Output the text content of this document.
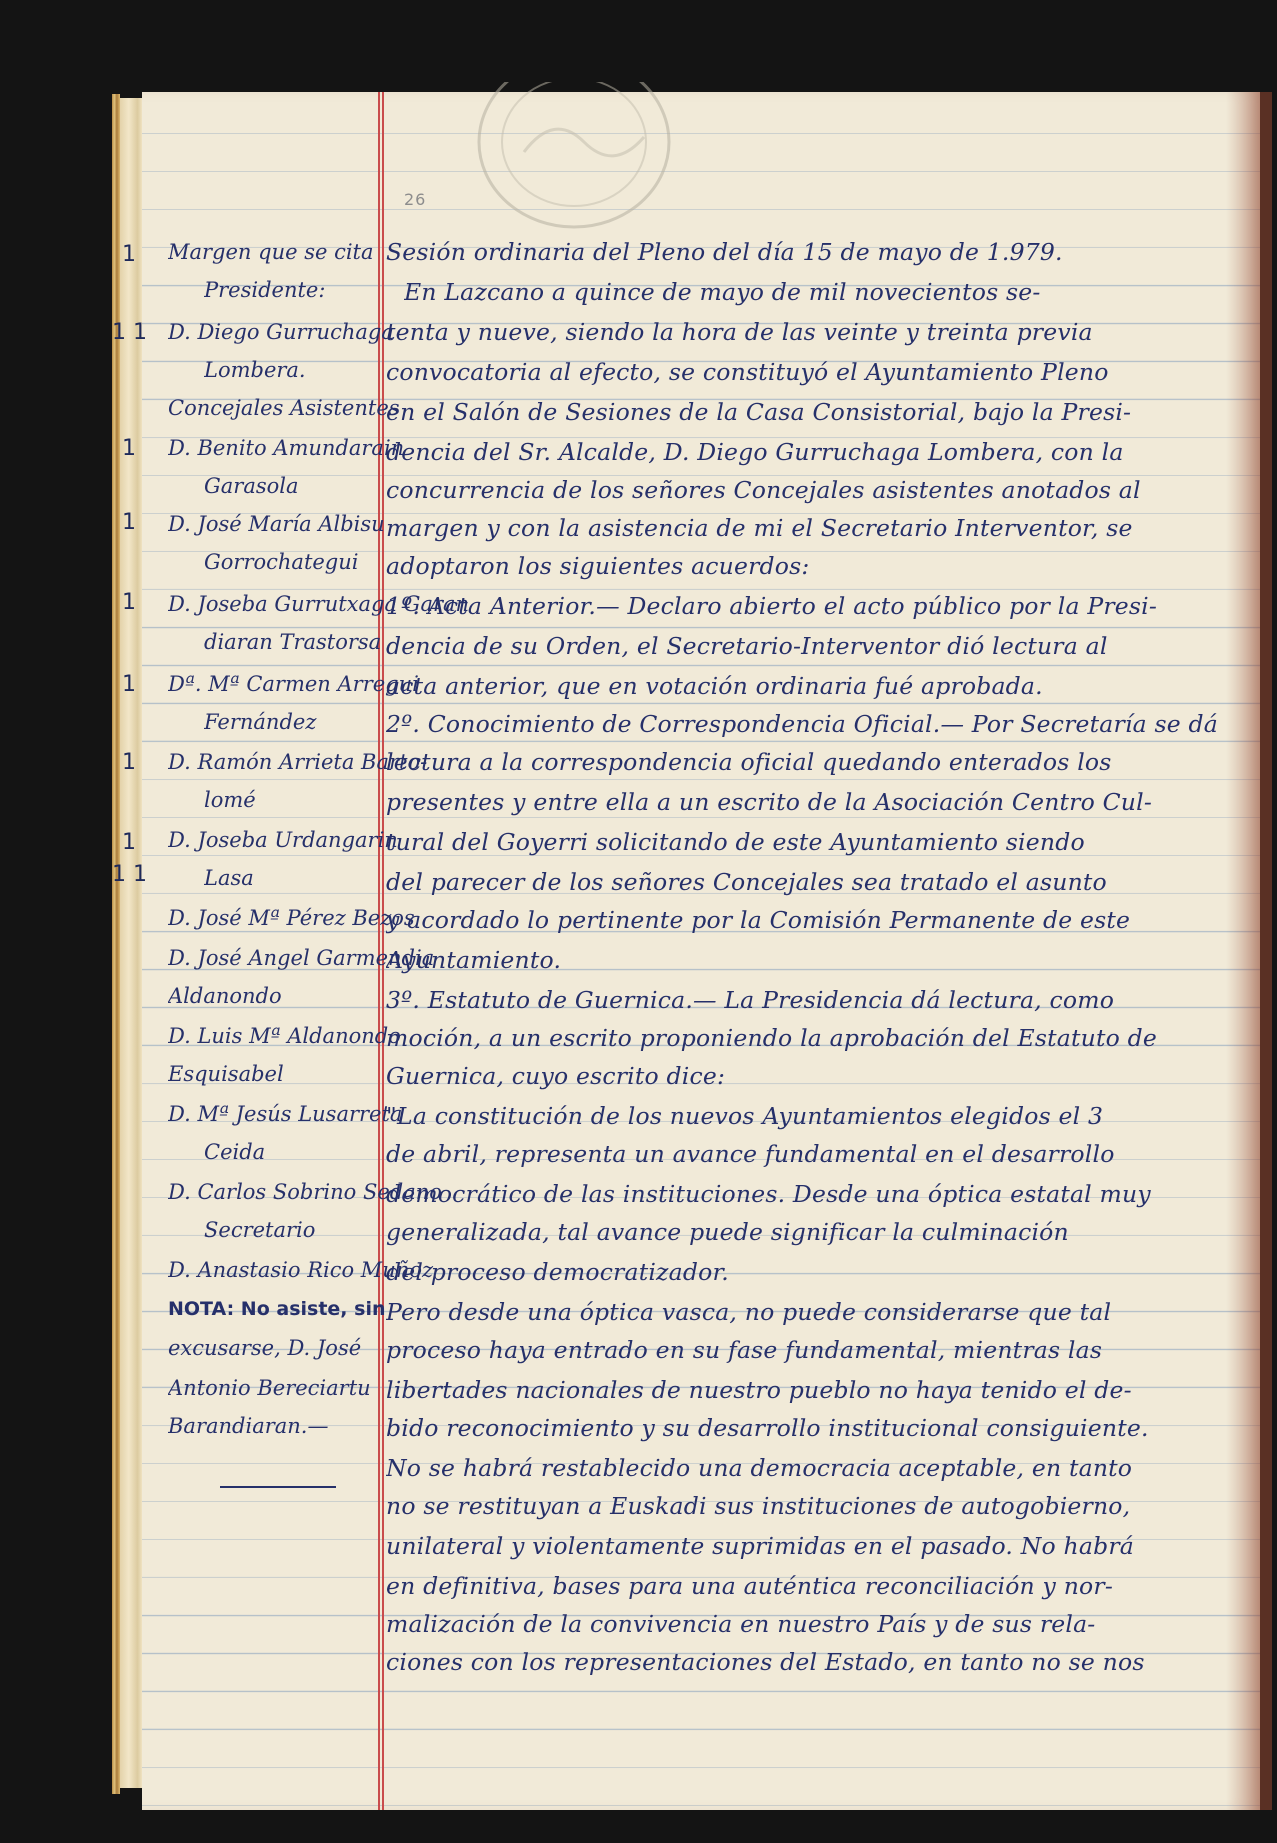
26
1
1 1
1
1
1
1
1
1
1 1
Margen que se cita
Presidente:
D. Diego Gurruchaga
Lombera.
Concejales Asistentes
D. Benito Amundarain
Garasola
D. José María Albisu
Gorrochategui
D. Joseba Gurrutxaga Garan
diaran Trastorsa
Dª. Mª Carmen Arregui
Fernández
D. Ramón Arrieta Barto-
lomé
D. Joseba Urdangarin
Lasa
D. José Mª Pérez Bezos
D. José Angel Garmendia
Aldanondo
D. Luis Mª Aldanondo
Esquisabel
D. Mª Jesús Lusarreta
Ceida
D. Carlos Sobrino Sedano
Secretario
D. Anastasio Rico Muñoz
NOTA: No asiste, sin
excusarse, D. José
Antonio Bereciartu
Barandiaran.—
Sesión ordinaria del Pleno del día 15 de mayo de 1.979.
En Lazcano a quince de mayo de mil novecientos se-
tenta y nueve, siendo la hora de las veinte y treinta previa
convocatoria al efecto, se constituyó el Ayuntamiento Pleno
en el Salón de Sesiones de la Casa Consistorial, bajo la Presi-
dencia del Sr. Alcalde, D. Diego Gurruchaga Lombera, con la
concurrencia de los señores Concejales asistentes anotados al
margen y con la asistencia de mi el Secretario Interventor, se
adoptaron los siguientes acuerdos:
1º. Acta Anterior.— Declaro abierto el acto público por la Presi-
dencia de su Orden, el Secretario-Interventor dió lectura al
acta anterior, que en votación ordinaria fué aprobada.
2º. Conocimiento de Correspondencia Oficial.— Por Secretaría se dá
lectura a la correspondencia oficial quedando enterados los
presentes y entre ella a un escrito de la Asociación Centro Cul-
tural del Goyerri solicitando de este Ayuntamiento siendo
del parecer de los señores Concejales sea tratado el asunto
y acordado lo pertinente por la Comisión Permanente de este
Ayuntamiento.
3º. Estatuto de Guernica.— La Presidencia dá lectura, como
moción, a un escrito proponiendo la aprobación del Estatuto de
Guernica, cuyo escrito dice:
"La constitución de los nuevos Ayuntamientos elegidos el 3
de abril, representa un avance fundamental en el desarrollo
democrático de las instituciones. Desde una óptica estatal muy
generalizada, tal avance puede significar la culminación
del proceso democratizador.
Pero desde una óptica vasca, no puede considerarse que tal
proceso haya entrado en su fase fundamental, mientras las
libertades nacionales de nuestro pueblo no haya tenido el de-
bido reconocimiento y su desarrollo institucional consiguiente.
No se habrá restablecido una democracia aceptable, en tanto
no se restituyan a Euskadi sus instituciones de autogobierno,
unilateral y violentamente suprimidas en el pasado. No habrá
en definitiva, bases para una auténtica reconciliación y nor-
malización de la convivencia en nuestro País y de sus rela-
ciones con los representaciones del Estado, en tanto no se nos
